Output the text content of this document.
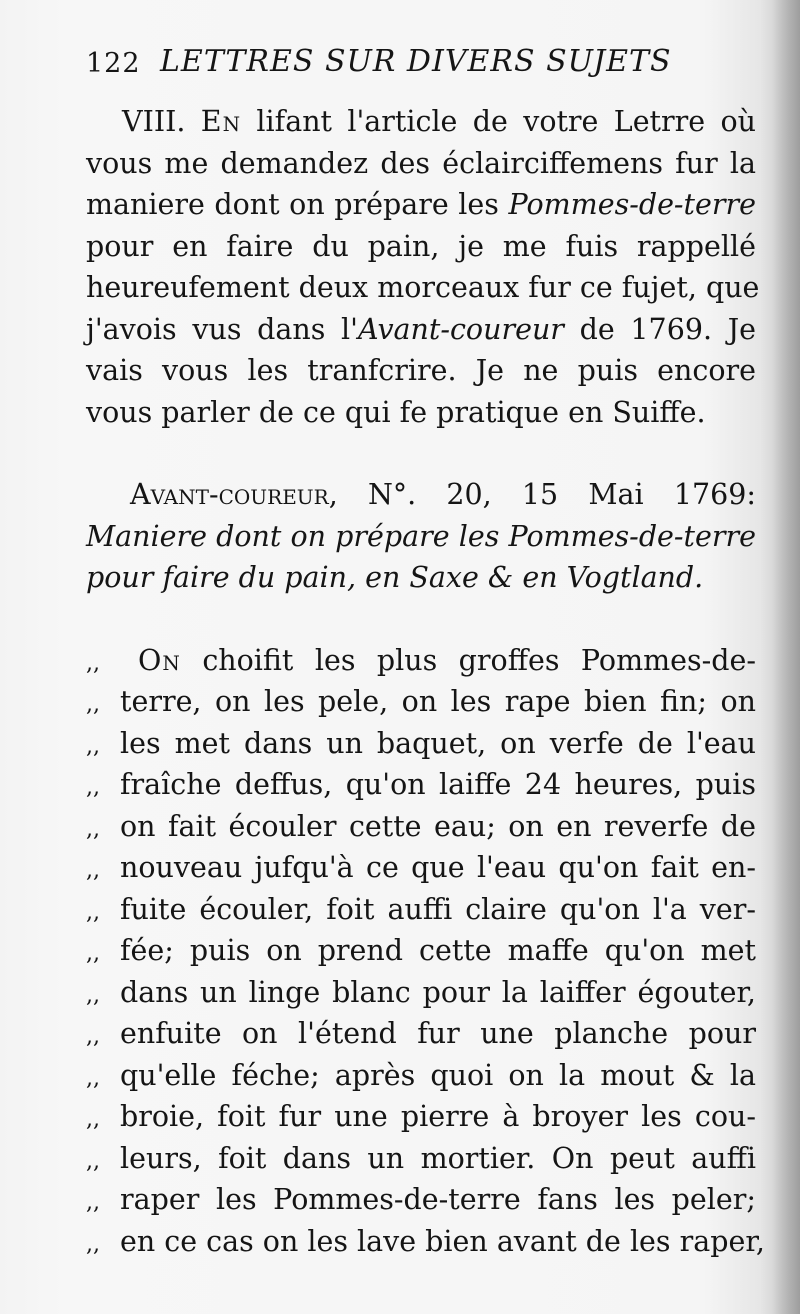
122 LETTRES SUR DIVERS SUJETS
VIII. En lifant l'article de votre Letrre où
vous me demandez des éclairciffemens fur la
maniere dont on prépare les Pommes-de-terre
pour en faire du pain, je me fuis rappellé
heureufement deux morceaux fur ce fujet, que
j'avois vus dans l'Avant-coureur de 1769. Je
vais vous les tranfcrire. Je ne puis encore
vous parler de ce qui fe pratique en Suiffe.
Avant-coureur, N°. 20, 15 Mai 1769:
Maniere dont on prépare les Pommes-de-terre
pour faire du pain, en Saxe & en Vogtland.
,,	On choifit les plus groffes Pommes-de-
,, terre, on les pele, on les rape bien fin; on
,, les met dans un baquet, on verfe de l'eau
,, fraîche deffus, qu'on laiffe 24 heures, puis
,, on fait écouler cette eau; on en reverfe de
,, nouveau jufqu'à ce que l'eau qu'on fait en-
,, fuite écouler, foit auffi claire qu'on l'a ver-
,, fée; puis on prend cette maffe qu'on met
,, dans un linge blanc pour la laiffer égouter,
,, enfuite on l'étend fur une planche pour
,, qu'elle féche; après quoi on la mout & la
,, broie, foit fur une pierre à broyer les cou-
,, leurs, foit dans un mortier. On peut auffi
,, raper les Pommes-de-terre fans les peler;
,, en ce cas on les lave bien avant de les raper,
